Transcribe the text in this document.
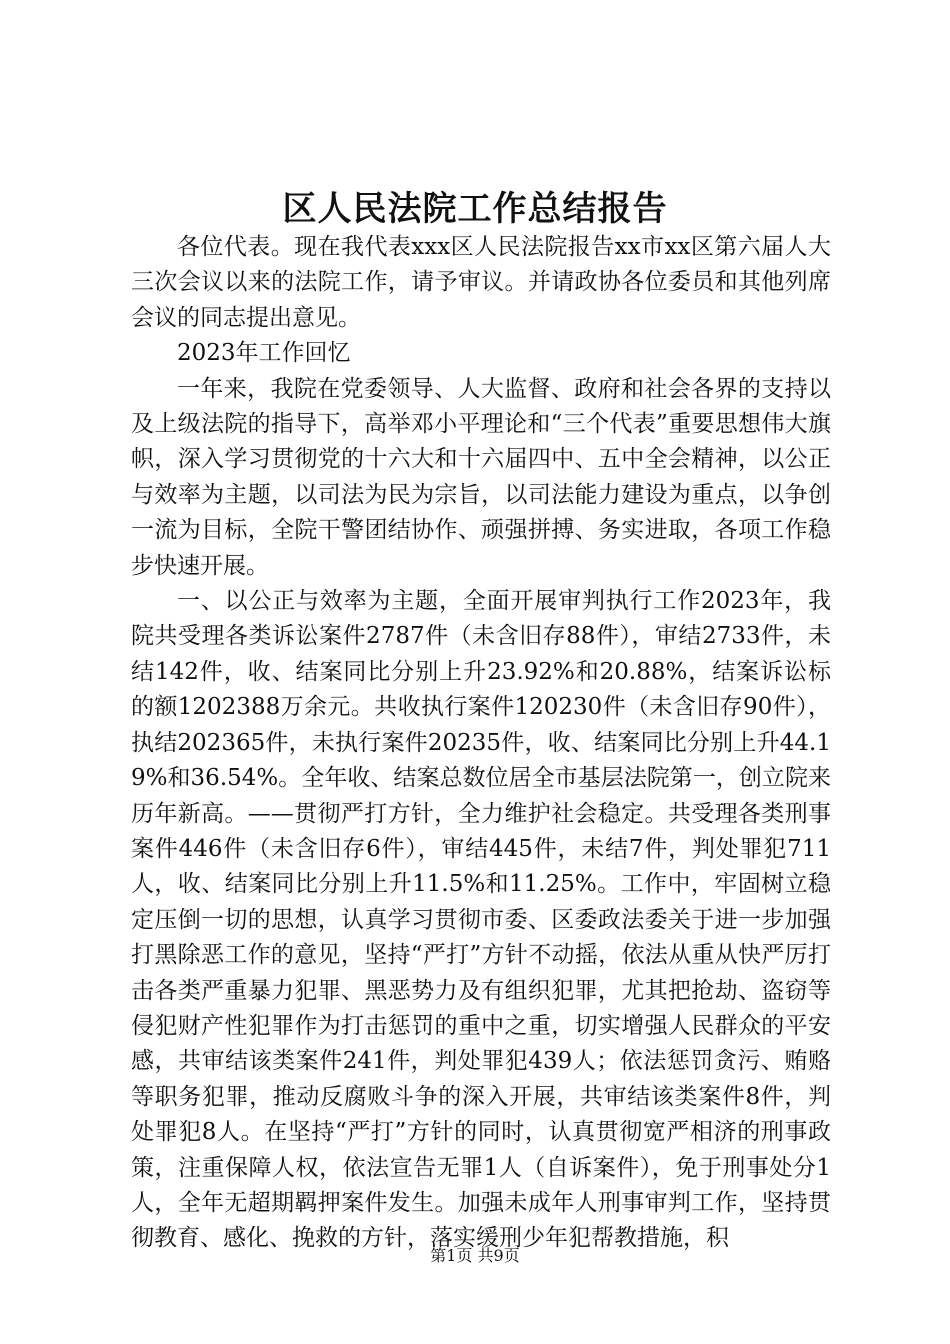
区人民法院工作总结报告

各位代表。现在我代表xxx区人民法院报告xx市xx区第六届人大三次会议以来的法院工作，请予审议。并请政协各位委员和其他列席会议的同志提出意见。

2023年工作回忆

一年来，我院在党委领导、人大监督、政府和社会各界的支持以及上级法院的指导下，高举邓小平理论和“三个代表”重要思想伟大旗帜，深入学习贯彻党的十六大和十六届四中、五中全会精神，以公正与效率为主题，以司法为民为宗旨，以司法能力建设为重点，以争创一流为目标，全院干警团结协作、顽强拼搏、务实进取，各项工作稳步快速开展。

一、以公正与效率为主题，全面开展审判执行工作2023年，我院共受理各类诉讼案件2787件（未含旧存88件），审结2733件，未结142件，收、结案同比分别上升23.92%和20.88%，结案诉讼标的额1202388万余元。共收执行案件120230件（未含旧存90件），执结202365件，未执行案件20235件，收、结案同比分别上升44.19%和36.54%。全年收、结案总数位居全市基层法院第一，创立院来历年新高。——贯彻严打方针，全力维护社会稳定。共受理各类刑事案件446件（未含旧存6件），审结445件，未结7件，判处罪犯711人，收、结案同比分别上升11.5%和11.25%。工作中，牢固树立稳定压倒一切的思想，认真学习贯彻市委、区委政法委关于进一步加强打黑除恶工作的意见，坚持“严打”方针不动摇，依法从重从快严厉打击各类严重暴力犯罪、黑恶势力及有组织犯罪，尤其把抢劫、盗窃等侵犯财产性犯罪作为打击惩罚的重中之重，切实增强人民群众的平安感，共审结该类案件241件，判处罪犯439人；依法惩罚贪污、贿赂等职务犯罪，推动反腐败斗争的深入开展，共审结该类案件8件，判处罪犯8人。在坚持“严打”方针的同时，认真贯彻宽严相济的刑事政策，注重保障人权，依法宣告无罪1人（自诉案件），免于刑事处分1人，全年无超期羁押案件发生。加强未成年人刑事审判工作，坚持贯彻教育、感化、挽救的方针，落实缓刑少年犯帮教措施，积

第1页 共9页
